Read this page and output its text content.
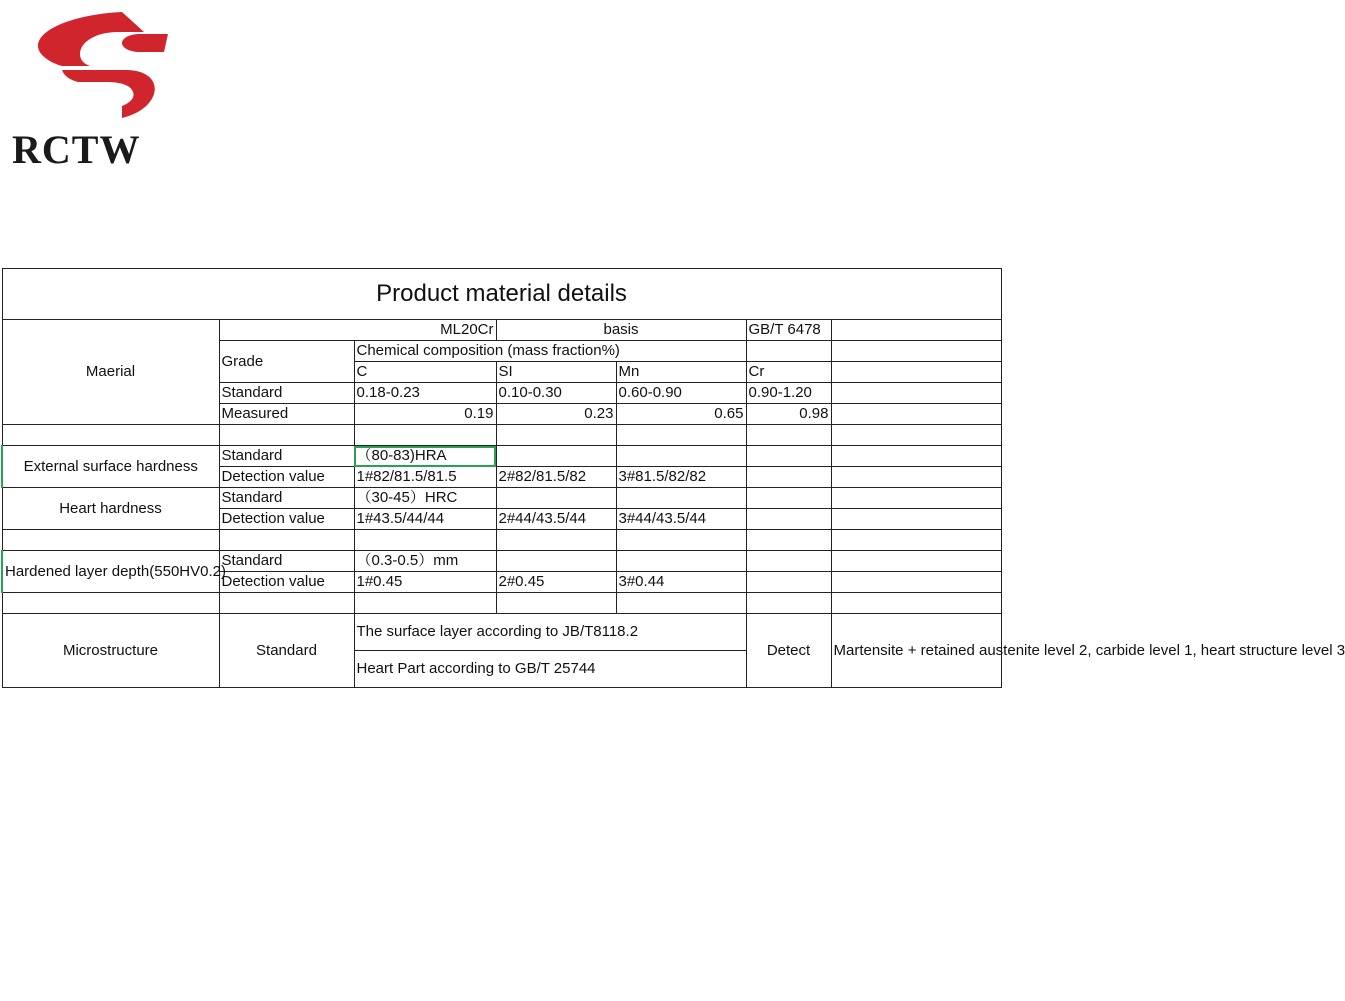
RCTW
Product material details						
Maerial	ML20Cr		basis		GB/T 6478	
	Grade	Chemical composition (mass fraction%)				
		C	SI	Mn	Cr	
	Standard	0.18-0.23	0.10-0.30	0.60-0.90	0.90-1.20	
	Measured	0.19	0.23	0.65	0.98	

External surface hardness	Standard	（80-83)HRA				
	Detection value	1#82/81.5/81.5	2#82/81.5/82	3#81.5/82/82		
Heart hardness	Standard	（30-45）HRC				
	Detection value	1#43.5/44/44	2#44/43.5/44	3#44/43.5/44		

Hardened layer depth(550HV0.2)	Standard	（0.3-0.5）mm				
	Detection value	1#0.45	2#0.45	3#0.44		

Microstructure	Standard	The surface layer according to JB/T8118.2			Detect	Martensite + retained austenite level 2, carbide level 1, heart structure level 3
		Heart Part according to GB/T 25744				
